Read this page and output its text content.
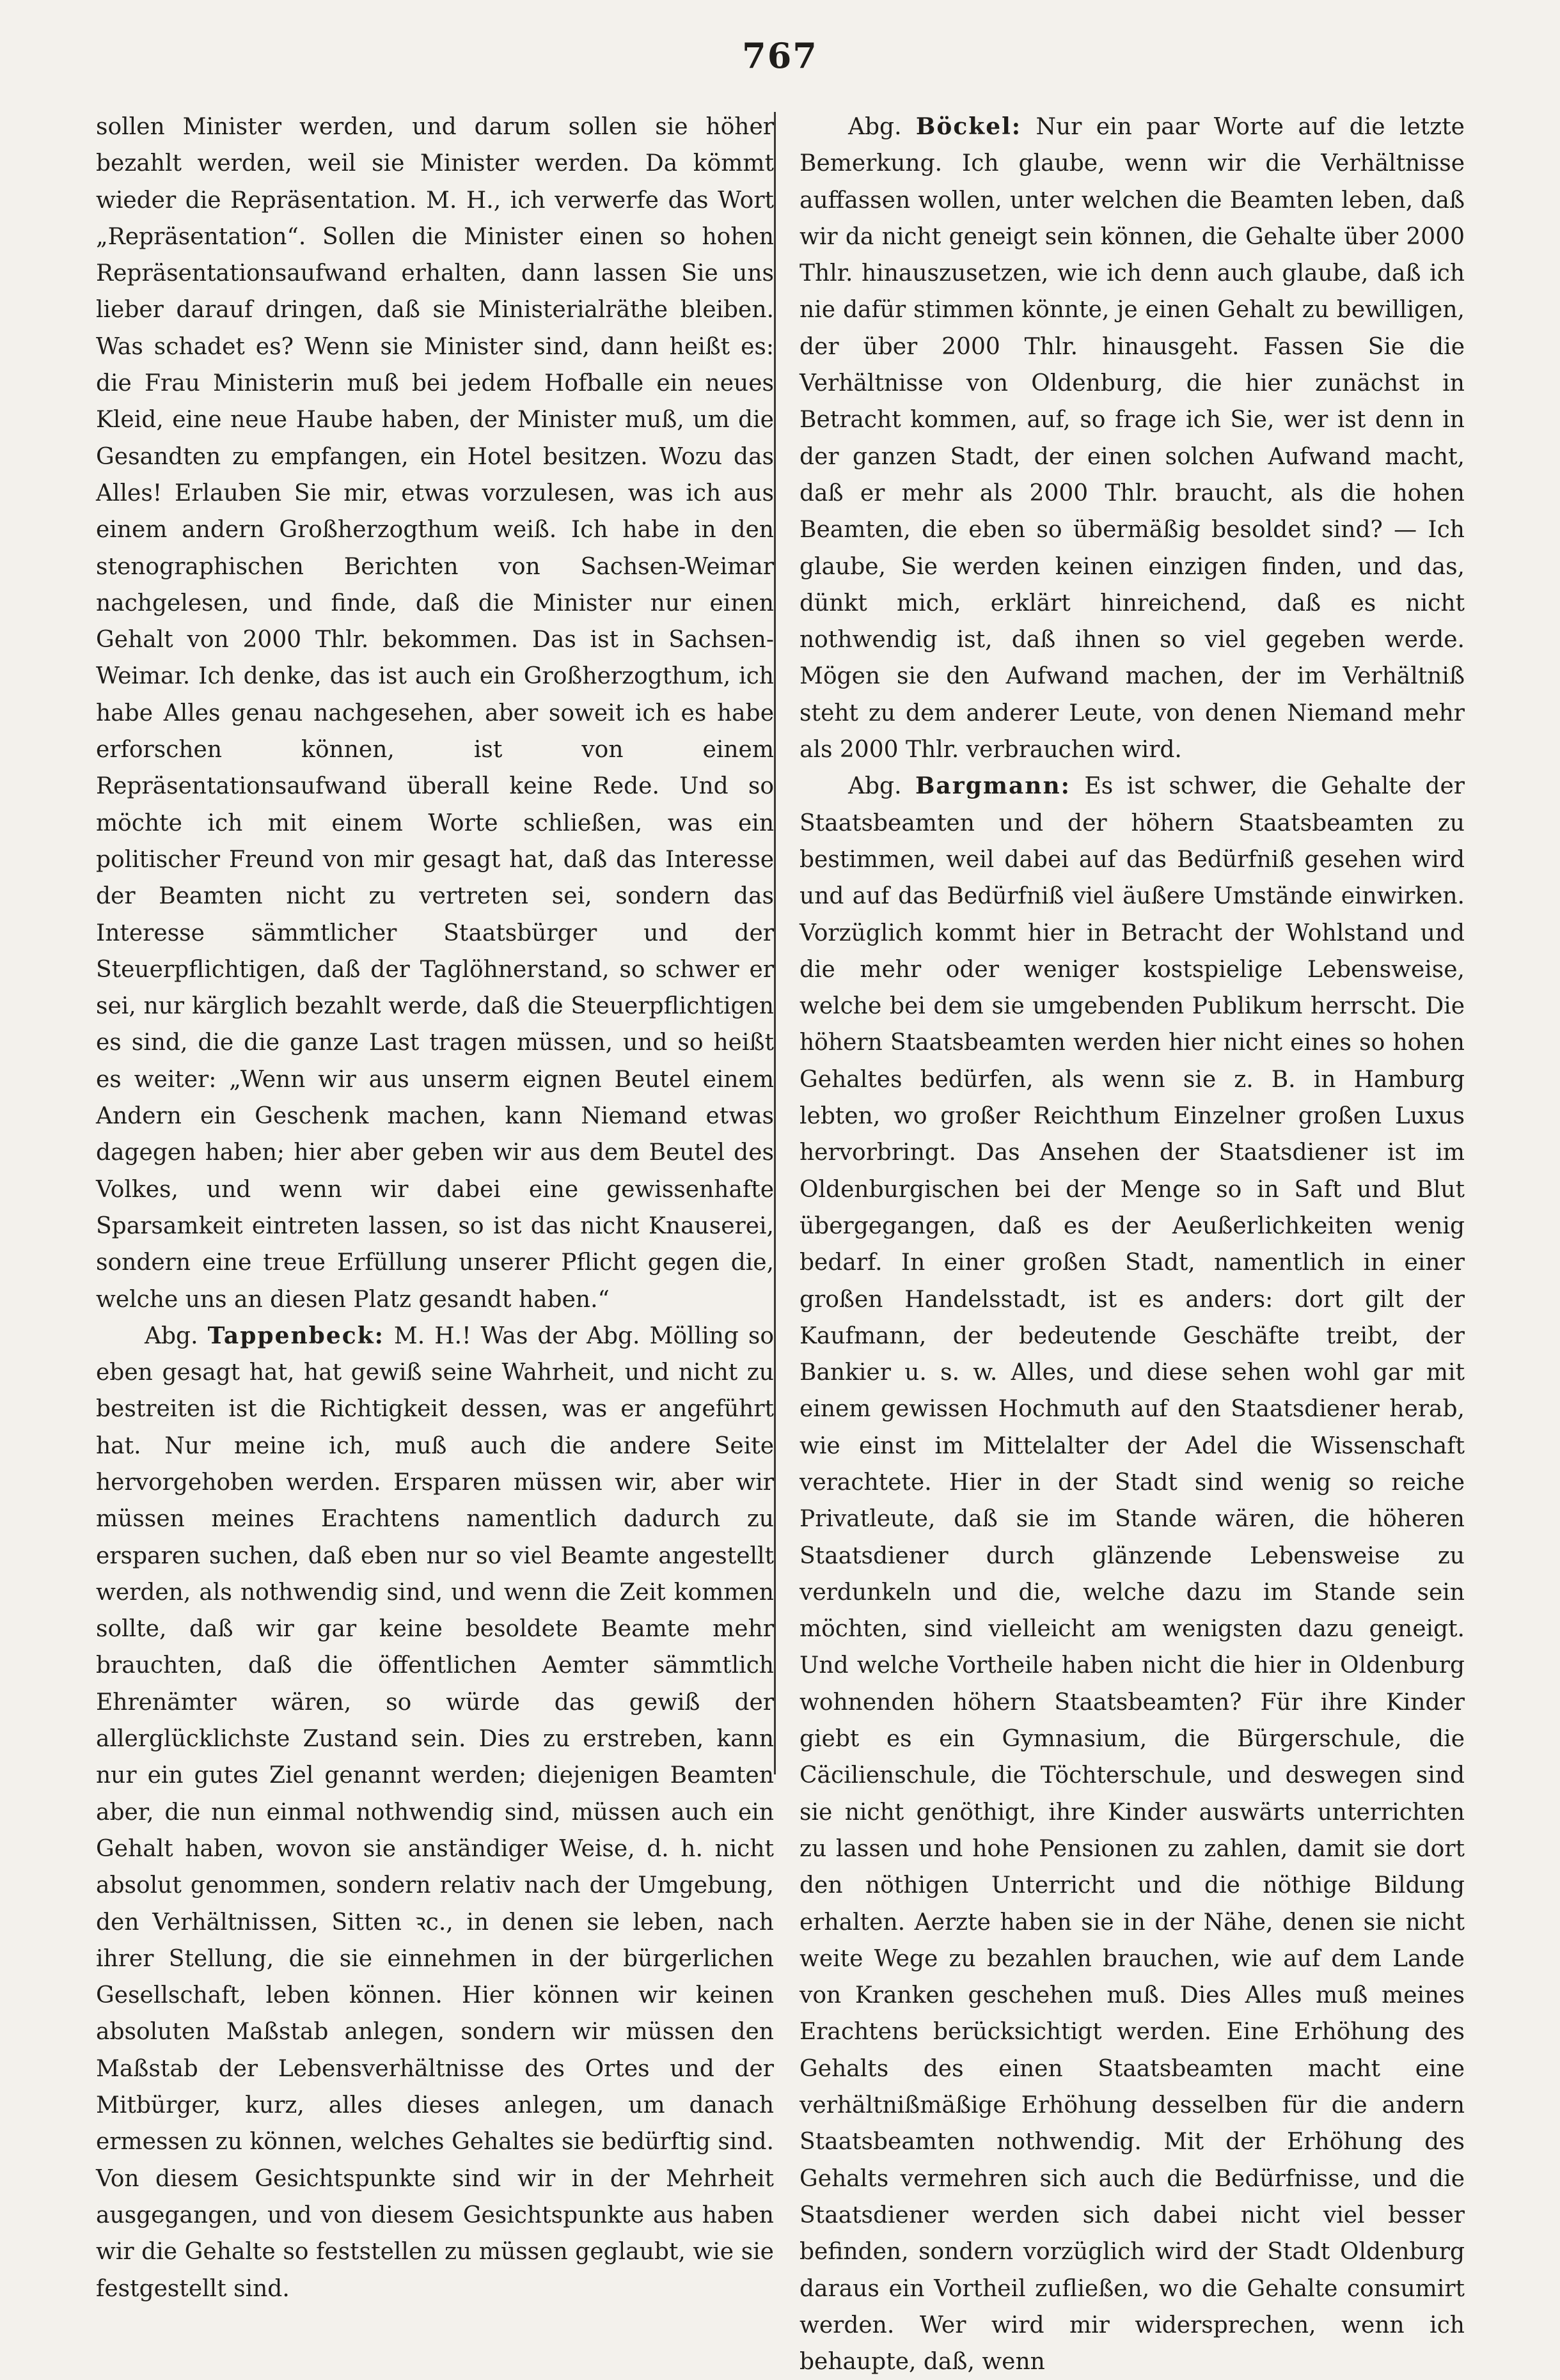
767

sollen Minister werden, und darum sollen sie höher bezahlt werden, weil sie Minister werden. Da kömmt wieder die Repräsentation. M. H., ich verwerfe das Wort „Repräsentation“. Sollen die Minister einen so hohen Repräsentationsaufwand erhalten, dann lassen Sie uns lieber darauf dringen, daß sie Ministerialräthe bleiben. Was schadet es? Wenn sie Minister sind, dann heißt es: die Frau Ministerin muß bei jedem Hofballe ein neues Kleid, eine neue Haube haben, der Minister muß, um die Gesandten zu empfangen, ein Hotel besitzen. Wozu das Alles! Erlauben Sie mir, etwas vorzulesen, was ich aus einem andern Großherzogthum weiß. Ich habe in den stenographischen Berichten von Sachsen-Weimar nachgelesen, und finde, daß die Minister nur einen Gehalt von 2000 Thlr. bekommen. Das ist in Sachsen-Weimar. Ich denke, das ist auch ein Großherzogthum, ich habe Alles genau nachgesehen, aber soweit ich es habe erforschen können, ist von einem Repräsentationsaufwand überall keine Rede. Und so möchte ich mit einem Worte schließen, was ein politischer Freund von mir gesagt hat, daß das Interesse der Beamten nicht zu vertreten sei, sondern das Interesse sämmtlicher Staatsbürger und der Steuerpflichtigen, daß der Taglöhnerstand, so schwer er sei, nur kärglich bezahlt werde, daß die Steuerpflichtigen es sind, die die ganze Last tragen müssen, und so heißt es weiter: „Wenn wir aus unserm eignen Beutel einem Andern ein Geschenk machen, kann Niemand etwas dagegen haben; hier aber geben wir aus dem Beutel des Volkes, und wenn wir dabei eine gewissenhafte Sparsamkeit eintreten lassen, so ist das nicht Knauserei, sondern eine treue Erfüllung unserer Pflicht gegen die, welche uns an diesen Platz gesandt haben.“

Abg. Tappenbeck: M. H.! Was der Abg. Mölling so eben gesagt hat, hat gewiß seine Wahrheit, und nicht zu bestreiten ist die Richtigkeit dessen, was er angeführt hat. Nur meine ich, muß auch die andere Seite hervorgehoben werden. Ersparen müssen wir, aber wir müssen meines Erachtens namentlich dadurch zu ersparen suchen, daß eben nur so viel Beamte angestellt werden, als nothwendig sind, und wenn die Zeit kommen sollte, daß wir gar keine besoldete Beamte mehr brauchten, daß die öffentlichen Aemter sämmtlich Ehrenämter wären, so würde das gewiß der allerglücklichste Zustand sein. Dies zu erstreben, kann nur ein gutes Ziel genannt werden; diejenigen Beamten aber, die nun einmal nothwendig sind, müssen auch ein Gehalt haben, wovon sie anständiger Weise, d. h. nicht absolut genommen, sondern relativ nach der Umgebung, den Verhältnissen, Sitten ꝛc., in denen sie leben, nach ihrer Stellung, die sie einnehmen in der bürgerlichen Gesellschaft, leben können. Hier können wir keinen absoluten Maßstab anlegen, sondern wir müssen den Maßstab der Lebensverhältnisse des Ortes und der Mitbürger, kurz, alles dieses anlegen, um danach ermessen zu können, welches Gehaltes sie bedürftig sind. Von diesem Gesichtspunkte sind wir in der Mehrheit ausgegangen, und von diesem Gesichtspunkte aus haben wir die Gehalte so feststellen zu müssen geglaubt, wie sie festgestellt sind.

Abg. Böckel: Nur ein paar Worte auf die letzte Bemerkung. Ich glaube, wenn wir die Verhältnisse auffassen wollen, unter welchen die Beamten leben, daß wir da nicht geneigt sein können, die Gehalte über 2000 Thlr. hinauszusetzen, wie ich denn auch glaube, daß ich nie dafür stimmen könnte, je einen Gehalt zu bewilligen, der über 2000 Thlr. hinausgeht. Fassen Sie die Verhältnisse von Oldenburg, die hier zunächst in Betracht kommen, auf, so frage ich Sie, wer ist denn in der ganzen Stadt, der einen solchen Aufwand macht, daß er mehr als 2000 Thlr. braucht, als die hohen Beamten, die eben so übermäßig besoldet sind? — Ich glaube, Sie werden keinen einzigen finden, und das, dünkt mich, erklärt hinreichend, daß es nicht nothwendig ist, daß ihnen so viel gegeben werde. Mögen sie den Aufwand machen, der im Verhältniß steht zu dem anderer Leute, von denen Niemand mehr als 2000 Thlr. verbrauchen wird.

Abg. Bargmann: Es ist schwer, die Gehalte der Staatsbeamten und der höhern Staatsbeamten zu bestimmen, weil dabei auf das Bedürfniß gesehen wird und auf das Bedürfniß viel äußere Umstände einwirken. Vorzüglich kommt hier in Betracht der Wohlstand und die mehr oder weniger kostspielige Lebensweise, welche bei dem sie umgebenden Publikum herrscht. Die höhern Staatsbeamten werden hier nicht eines so hohen Gehaltes bedürfen, als wenn sie z. B. in Hamburg lebten, wo großer Reichthum Einzelner großen Luxus hervorbringt. Das Ansehen der Staatsdiener ist im Oldenburgischen bei der Menge so in Saft und Blut übergegangen, daß es der Aeußerlichkeiten wenig bedarf. In einer großen Stadt, namentlich in einer großen Handelsstadt, ist es anders: dort gilt der Kaufmann, der bedeutende Geschäfte treibt, der Bankier u. s. w. Alles, und diese sehen wohl gar mit einem gewissen Hochmuth auf den Staatsdiener herab, wie einst im Mittelalter der Adel die Wissenschaft verachtete. Hier in der Stadt sind wenig so reiche Privatleute, daß sie im Stande wären, die höheren Staatsdiener durch glänzende Lebensweise zu verdunkeln und die, welche dazu im Stande sein möchten, sind vielleicht am wenigsten dazu geneigt. Und welche Vortheile haben nicht die hier in Oldenburg wohnenden höhern Staatsbeamten? Für ihre Kinder giebt es ein Gymnasium, die Bürgerschule, die Cäcilienschule, die Töchterschule, und deswegen sind sie nicht genöthigt, ihre Kinder auswärts unterrichten zu lassen und hohe Pensionen zu zahlen, damit sie dort den nöthigen Unterricht und die nöthige Bildung erhalten. Aerzte haben sie in der Nähe, denen sie nicht weite Wege zu bezahlen brauchen, wie auf dem Lande von Kranken geschehen muß. Dies Alles muß meines Erachtens berücksichtigt werden. Eine Erhöhung des Gehalts des einen Staatsbeamten macht eine verhältnißmäßige Erhöhung desselben für die andern Staatsbeamten nothwendig. Mit der Erhöhung des Gehalts vermehren sich auch die Bedürfnisse, und die Staatsdiener werden sich dabei nicht viel besser befinden, sondern vorzüglich wird der Stadt Oldenburg daraus ein Vortheil zufließen, wo die Gehalte consumirt werden. Wer wird mir widersprechen, wenn ich behaupte, daß, wenn
